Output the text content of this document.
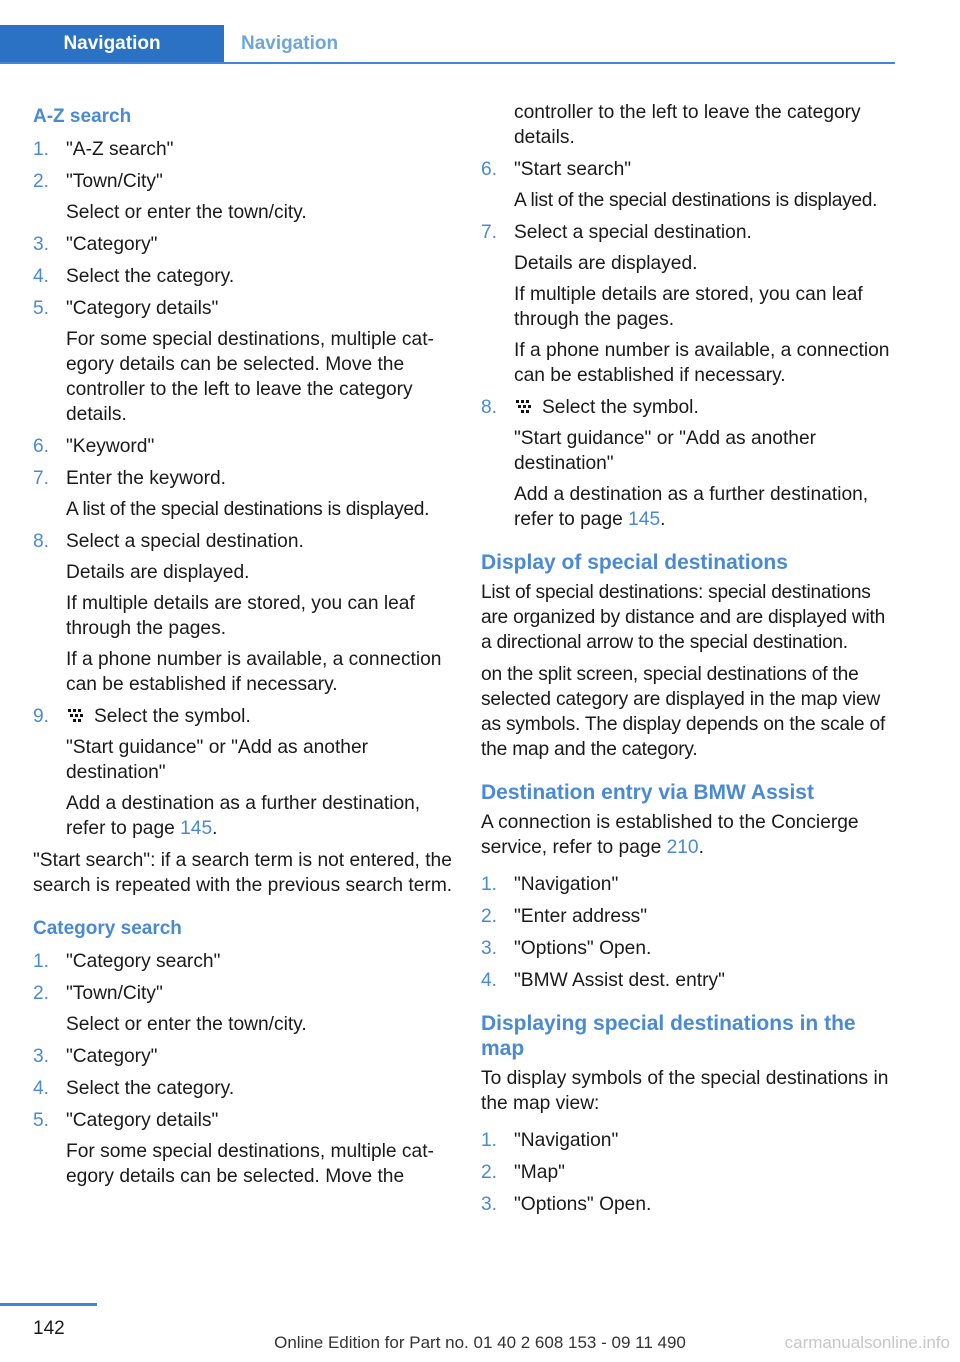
Navigation	Navigation
A-Z search
1. "A-Z search"
2. "Town/City"
Select or enter the town/city.
3. "Category"
4. Select the category.
5. "Category details"
For some special destinations, multiple cat‐egory details can be selected. Move the controller to the left to leave the category details.
6. "Keyword"
7. Enter the keyword.
A list of the special destinations is displayed.
8. Select a special destination.
Details are displayed.
If multiple details are stored, you can leaf through the pages.
If a phone number is available, a connection can be established if necessary.
9.	Select the symbol.
"Start guidance" or "Add as another destination"
Add a destination as a further destination, refer to page 145.
"Start search": if a search term is not entered, the search is repeated with the previous search term.
Category search
1. "Category search"
2. "Town/City"
Select or enter the town/city.
3. "Category"
4. Select the category.
5. "Category details"
For some special destinations, multiple cat‐egory details can be selected. Move the
controller to the left to leave the category details.
6. "Start search"
A list of the special destinations is displayed.
7. Select a special destination.
Details are displayed.
If multiple details are stored, you can leaf through the pages.
If a phone number is available, a connection can be established if necessary.
8.	Select the symbol.
"Start guidance" or "Add as another destination"
Add a destination as a further destination, refer to page 145.
Display of special destinations
List of special destinations: special destinations are organized by distance and are displayed with a directional arrow to the special destination.
on the split screen, special destinations of the selected category are displayed in the map view as symbols. The display depends on the scale of the map and the category.
Destination entry via BMW Assist
A connection is established to the Concierge service, refer to page 210.
1. "Navigation"
2. "Enter address"
3. "Options" Open.
4. "BMW Assist dest. entry"
Displaying special destinations in the map
To display symbols of the special destinations in the map view:
1. "Navigation"
2. "Map"
3. "Options" Open.
142
Online Edition for Part no. 01 40 2 608 153 - 09 11 490	carmanualsonline.info
